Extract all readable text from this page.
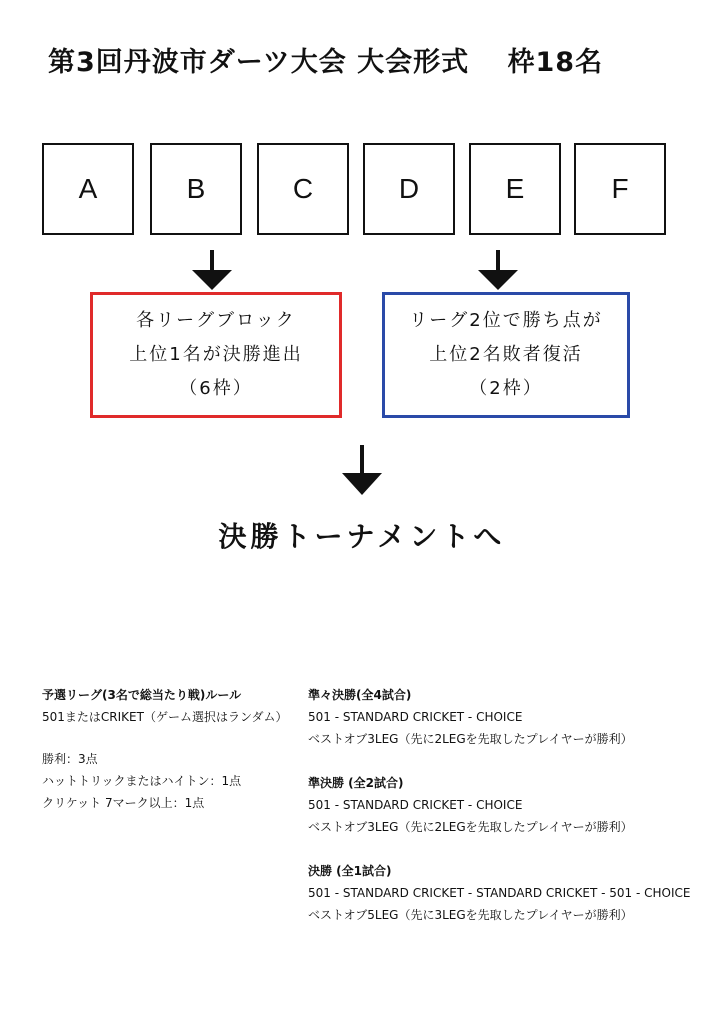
第3回丹波市ダーツ大会 大会形式　 枠18名
A	B	C	D	E	F
各リーグブロック
上位1名が決勝進出
（6枠）
リーグ2位で勝ち点が
上位2名敗者復活
（2枠）
決勝トーナメントへ
予選リーグ(3名で総当たり戦)ルール
501またはCRIKET（ゲーム選択はランダム）
勝利：3点
ハットトリックまたはハイトン：1点
クリケット 7マーク以上：1点
準々決勝(全4試合)
501 - STANDARD CRICKET - CHOICE
ベストオブ3LEG（先に2LEGを先取したプレイヤーが勝利）
準決勝 (全2試合)
501 - STANDARD CRICKET - CHOICE
ベストオブ3LEG（先に2LEGを先取したプレイヤーが勝利）
決勝 (全1試合)
501 - STANDARD CRICKET - STANDARD CRICKET - 501 - CHOICE
ベストオブ5LEG（先に3LEGを先取したプレイヤーが勝利）
